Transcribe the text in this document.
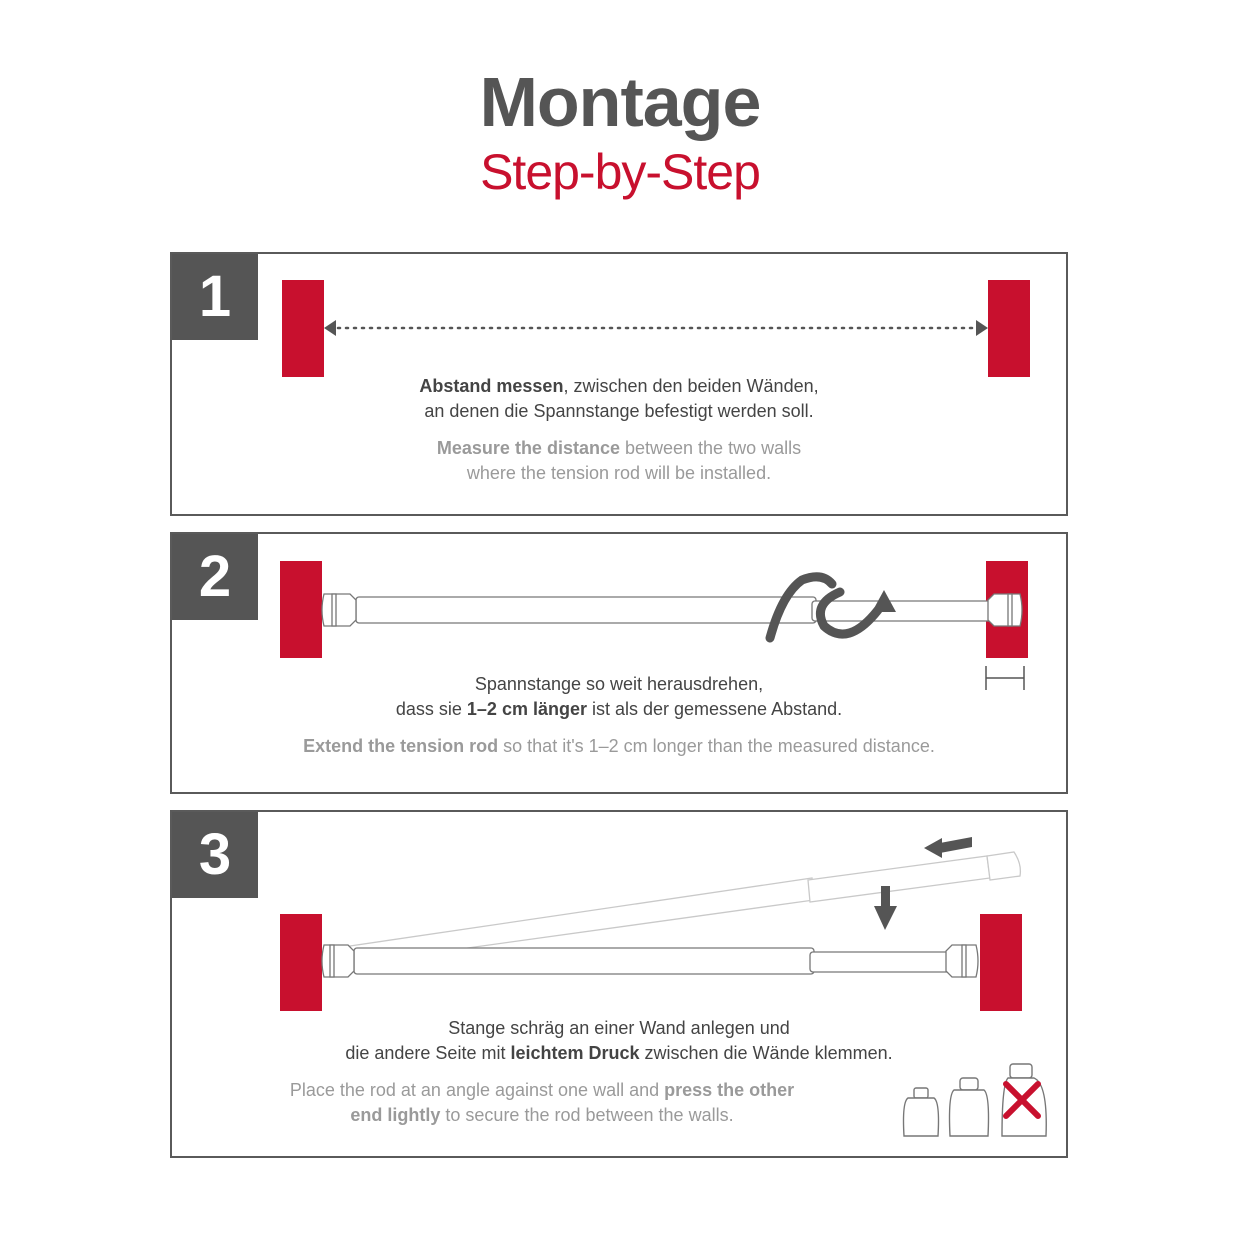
Montage
Step-by-Step
1
Abstand messen, zwischen den beiden Wänden,
an denen die Spannstange befestigt werden soll.
Measure the distance between the two walls
where the tension rod will be installed.
2
Spannstange so weit herausdrehen,
dass sie 1–2 cm länger ist als der gemessene Abstand.
Extend the tension rod so that it's 1–2 cm longer than the measured distance.
3
Stange schräg an einer Wand anlegen und
die andere Seite mit leichtem Druck zwischen die Wände klemmen.
Place the rod at an angle against one wall and press the other
end lightly to secure the rod between the walls.
